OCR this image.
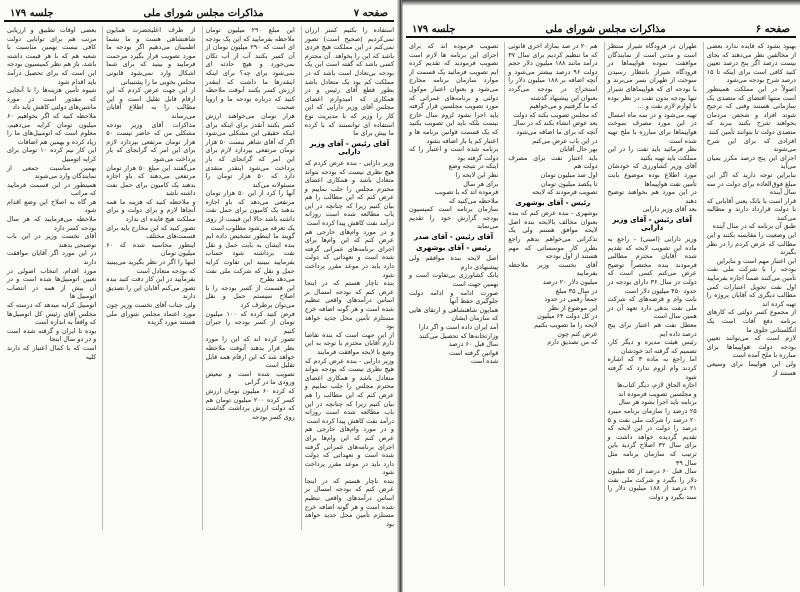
صفحه ۷
مذاکرات مجلس شورای ملی
جلسه ۱۷۹

استفاده را بکنیم کمتر ارزان نمی‌کردیم (صحیح است) تصور نمی‌کنم در این مملکت هیچ فردی باشد که این را بخواهد. آن محترم کسی باشد که گفته است این یک بودجه بی‌تعادل است باشد که در مملکت کم بود یک متعادل باشد بطور قطع آقای رئیس و در همکاری که امیدوارم اعضای مجلس آقای وزیر دارایی که این کار را وزیر که با مدیریت نوع استفاده ای توانستند که با کرده ما بیش برای ما

آقای رئیس - آقای وزیر دارایی

وزیر دارایی - بنده عرض کردم که هیچ نظری نیست که بودجه بتواند متعادل باشد و همکاری اعضای محترم مجلس را جلب نماییم و عرض کنم که این مطالب را هم بیان کنیم زیرا که چنانچه در این باب مطالعه شده است روزانه درآمد نفت کاهش پیدا کرده است

و در مورد وام‌های خارجی هم عرض کنم که این وام‌ها برای اجرای برنامه‌های عمرانی گرفته شده است و تعهداتی که دولت دارد باید در موعد مقرر پرداخت شود

بنده ناچار هستم که در اینجا عرض کنم که بودجه امسال بر اساس درآمدهای واقعی تنظیم شده است و هر گونه اضافه خرج مستلزم تأمین محل جدید خواهد بود

از این جهت است که بنده تقاضا دارم آقایان محترم با توجه به این وضع با لایحه موافقت فرمایند

وزیر دارایی - بنده عرض کردم که هیچ نظری نیست که بودجه بتواند متعادل باشد و همکاری اعضای محترم مجلس را جلب نماییم و عرض کنم که این مطالب را هم بیان کنیم زیرا که چنانچه در این باب مطالعه شده است روزانه درآمد نفت کاهش پیدا کرده است

و در مورد وام‌های خارجی هم عرض کنم که این وام‌ها برای اجرای برنامه‌های عمرانی گرفته شده است و تعهداتی که دولت دارد باید در موعد مقرر پرداخت شود

بنده ناچار هستم که در اینجا عرض کنم که بودجه امسال بر اساس درآمدهای واقعی تنظیم شده است و هر گونه اضافه خرج مستلزم تأمین محل جدید خواهد بود

این مبلغ ۲۹۰ میلیون تومان ملاحظه بفرمایید که این یک بودجه ای است که ۲۹۰ میلیون تومان از آن کسر بکنند آب از آب تکان نمی‌خورد و هیچ حادثه ای نمی‌شود برای چه؟ برای اینکه اینقدرها ما داشت که اینقدر ارزش کسر بکنند آنوقت ملاحظه کنید که درباره بودجه ما و اروپا صحبت

هزار تومان می‌خواهند ارزش کسر بکنند آنقدر برای اینکه برای اینکه حقیقی این مشکلی می‌شود اگر که آقای شاهر نیست ۵۰ هزار تومان مرتفعی بپردازد لازم برای این امر که گرانجای که بار پرداخت می‌شود اینقدر منفذی دارد که ۵۰ هزار تومان را مسئولانه می‌کند

آنها را کرد از این ۵۰ هزار تومان مرتفعی می‌دهد که باو اجازه بدهند یک کامیون برای حمل نفت داشته باشد حالا این قیمت از روی یک تعرفه می‌شود مطلوب است

گویند ما اینطور تشخیص داده ایم بنده ایشان به بابت حمل و نقل نفت برداشته شود حساب بفرمایید ببینید این تفاوت کرایه حمل و نقل که شرکت ملی نفت می‌دهد بطرح

این قسمت از کسر بودجه را با اصلاح سیستم حمل و نقل می‌توان برطرف کرد

فرض کنید کرده که ۱۰۰ میلیون تومان از کسر بودجه را جبران کنیم

تصور کرده اند که این را مورد نظر قرار بدهند آنوقت ملاحظه خواهد شد که این ارقام همه قابل تقلیل است

تصویب شده است و تبعیض ورودی ما در گرانی

که کرده ۶۰ میلیون تومان ارزش کسر کرده ۲۰۰ میلیون تومان هم که دولت ارزش برداشت گذاشت روی کسر بودجه

از طرف اعلیحضرت همایون شاهنشاهی هست و ما بشما اطمینان می‌دهیم اگر بودجه ما مورد تصویب قرار بگیرد مرحمت فرمایید و بینید که برای شما اشکال وارد نمی‌شود قانونی مجلس بخوبی ما را پشتیبانی

از این جهت عرض کردم که این ارقام قابل تقلیل است و این مطالب را به اطلاع آقایان می‌رساند

مذاکرات آقای وزیر بودجه مشکلی من که حاضر نیست ۵۰ هزار تومان مرتفعی بپردازد لازم برای این امر که گرانجای که بار پرداخت می‌شود

می‌گفتند این مبلغ ۵۰ هزار تومان مرتفعی می‌دهند که باو اجازه بدهند یک کامیون برای حمل نفت داشته باشد

و ملاحظه کنید که هزینه ما همه آنجاها لازم و برای دولت و برای مملکت هیچ فایده ای ندارد

تصور کنید که این مخارج باید برای قسمت‌های مختلف

اینطور محاسبه شده که ۶۰ میلیون تومان

اینها را اگر در نظر بگیرید می‌بینید که بودجه متعادل است

بفرمایید در این کار دقت کنید بنده تصور می‌کنم آقایان این را تصدیق دارند

ولی جناب آقای نخست وزیر چون مورد اعتماد مجلس شورای ملی هستند مورد گزیده

بعضی اوقات تطبیق و ارزیابی مرتب هم برای توانایی دولت کافی نیست بهمین مناسبت با شعبه هم که با هر قیمت داشته باشد، باز هم نظر کمیسیون بودجه این است که برای تحصیل درآمد باید اقدام شود

شیوه تأمین هزینه‌ها را تا آنجایی که مقدور است در مورد ماشین‌های دولتی کاهش باید داد

ملاحظه کنید که اگر بخواهیم ۶۰ میلیون تومان کرایه می‌دهیم، معلوم است که اتومبیل‌های ما را زیاد کرده و بهمین هم اضافات

این کار نیم کرده ۱۰ تومان برای کرایه اتومبیل

بهمین مناسبت جمعی از نمایندگان وارد می‌شوند

همینطور در این قسمت فرمایید که مراتب

هر گاه به اصلاح این وضع اقدام شود

ملاحظه می‌فرمایید که هر سال بودجه کسر دارد

آقای نخست وزیر در این باب توضیحی بدهند

در این مورد اگر آقایان موافقت دارند

مورد اقدام، انتخاب اصولی در تعیین اتومبیل‌ها شده است و در آن بیش از همه در انتصاب اتومبیل ها

اتومبیل کرایه میدهد که درسته که مجلس آقای رئیس کل اتومبیل‌ها که واقعاً به اندازه است

بوده تا ایران و گرفته شده است و در دو سال اینجا

است که با کمال اعتبار که دارند کلیه

صفحه ۶
مذاکرات مجلس شورای ملی
جلسه ۱۷۹

بهبود بشود که فایده ندارد بعضی از مخالفین نظر می‌دهند که بجای بیست درصد اگر پنج درصد تعیین کنید کافی است برای اینکه تا ۱۵ درصد شرح بودجه می‌شود

اصولاً در این مملکت همینطور است منتها اقتضای که متصدی یک سازمانی هستند وقتی که ترجیح شوند افراد و شخص مردمان بخواهند شرح بکنند ببرند که متصدی دولت تا بتوانند تأمین کنند

افرادی که برای این شرح می‌شوند

اجرای این پنج درصد مکرر بمیان می‌آید

بنابراین توجه دارید که اگر این مبلغ فوق‌العاده برای دولت در سه سال آینده

قرار است با بانک یعنی آقایانی که با دولت قرارداد دارند و مطالبه می‌کنند

طبق آن برنامه که در سال آینده

این وضعیت را مقایسه بکنند و این مطالب که عرض کردم را در نظر بگیرند

این اعتبار مهم است و بنابراین

بودجه را با شرکت ملی نفت تأمین می‌کنند ضمناً اجازه بفرمایید اول نفت تحویل اعتبارات کمی مطالب دیگری که آقایان پروژه را تهیه کرده اند

از مجموع کسر دولتی که کارهای برنامه دفع آفات است یک انگلستانی جلوی ما

لازم است که می‌توانند تعیین بودجه دولت هواپیماها برای مبارزه با ملخ آمده است

ولی این هواپیما برای وسیعی هستند از

طهران در فرودگاه شیراز منتظر است و مدتی است از نمایندگان موافقت نموده هواپیماها در فرودگاه شیراز بانتظار رسیدن سوخت از طهران بسر می‌برند و با بودجه ای که هواپیماهای شیراز تنها بودجه بدون نفت در نظر بوده با لوازم لازم نفت و ...

تهیه می‌شود و در سه ماه امسال در این مورد مصرف سوخت هواپیماها برای مبارزه با ملخ تهیه شده است

نظر فرمائید باید نفت را در این مملکت باید تهیه بکنید

آقای وزیر کشاورزی که خودشان مورد اطلاع بوده موضوع بابت تأمین نفت هواپیماها

در این مورد هم بخواهند توضیح دهند

بعد آقای وزیر دارایی

آقای رئیس - آقای وزیر دارایی

وزیر دارایی (امینی) - راجع به ماده این تصویب لایحه که تقدیم شده آقایان محترم مطالبی فرمودند بنده مختصراً توضیح عرض می‌کنم کسی است که دولت در سال ۳۶ دارای بودجه در حدود ۴۵۰ میلیون دلار است

بابت وام و قرضه‌های که شرکت ملی نفت بدهی دارد تعهد آن در همین سال است

معطل نفت هم اعتبار برای پنج درصد داده ایم

رئیس هیئت مدیره و دیگر کار، تصمیم که گرفته اند خودشان

اما راجع به ماده ۳ که اشاره کردند وام لزوم ندارد که گرفته شود

اجازه الحاق لازم، دیگر کتاب‌ها

و مجلسین تصویب فرموده اند

برنامه باید اجرا بشود هر سال

۲۵ درصد را سازمان برنامه میبرد ۲۰ درصد را شرکت ملی نفت و ۵ درصد را دولت در این لایحه که تقدیم گردیده خواهد داشت و برای سال ۳۲ اصلاح گردید باین ترتیب که سازمان برنامه مثل سال ۳۹

سال قبل ۶۰ درصد از ۵۵ میلیون دلار را بگیرد و شرکت ملی نفت ۲۱ درصد از ۱۸۸ میلیون دلار را سند بگیرد و دولت

هم ۲۰ در صد بمازاد اخری قانونی که ما تنظیم کردیم برای سال ۳۷ درآمد مانند ۱۸۸ میلیون دلار حجم دولت ۹۶ درصد بیشتر می‌شود و آنچه اضافه بر ۱۸۸ میلیون دلار را استخراج در بودجه می‌گردد بعنوان این پیشنهاد گذشته

که ما گرفتیم و می‌خواهیم

که مجلس تصویب بکند که دولت

بعد عوض انشاء بکند که در سال

آنچه که برای ما اضافه می‌شود

در این باب عرض می‌کنم

بهر حال آقایان

باید اعتبار نفت برای مصرف دولت هم

اول صد میلیون تومان

تا یکصد میلیون تومان

تصویب فرمودند که لایحه

رئیس - آقای بوشهری

بوشهری - بنده عرض کنم که بنده بعنوان مخالف بالایحه بنده اصل لایحه موافق هستم ولی یک تذکراتی می‌خواهم بدهم راجع بطرز کار موسساتی که مهم هستند از اول بودجه

آقای نخست وزیر ملاحظه بفرمایید

میلیون دلار ۲۰ درصد

در سال ۳۵ مبلغ

جمعاً رقمی در حدود

این موضوع از نظر

در کل دولت ۶۴ میلیون

لایحه را ما تصویب بکنیم

عرض کنم چون

که من تصدیق دارم

تصویب فرموده اند که برای اجرای این برنامه ها لازم است تصویب فرمودید که تقدیم کرده ایم تصویب فرمائید یک قسمت از موارد سازمان برنامه مخارج می‌شود و بعنوان اعتبار موکول دولتی و برنامه‌های عمرانی که مورد تصویب مجلسین قرار گرفته باید اجرا بشود لزوم سال خارج نیست بلکه باید این تصویب بکنید که یک قسمت قوانین برنامه ها و اعتبار کم یا بار اضافه بشود

برنامه شده است و اعتبار را که دولت گرفته بود

اینکه در نتیجه وضع

نظر این لایحه را

برای هر سال

فرموده اند که با تصویب

ملاحظه می‌کنید که

سازمان برنامه است کمیسیون بودجه گزارش خود را تقدیم می‌نماید

آقای رئیس - آقای صدر
رئیس - آقای بوشهری

اصل لایحه بنده موافقم ولی پیشنهادی دارم

بانک کشاورزی بی‌تفاوت است و بهمین جهت است

صورت ادامه و ادامه دولت جلوگیری حفظ آنها

همایون شاهنشاهی و ارتقای هایی که سازمان ایشان

آمد ایران داده است و اگر دارا

وزارتخانه‌ها که تحصیل می‌کنند

سال قبل ۶۰ درصد

قوانین گرفته است

شده است
